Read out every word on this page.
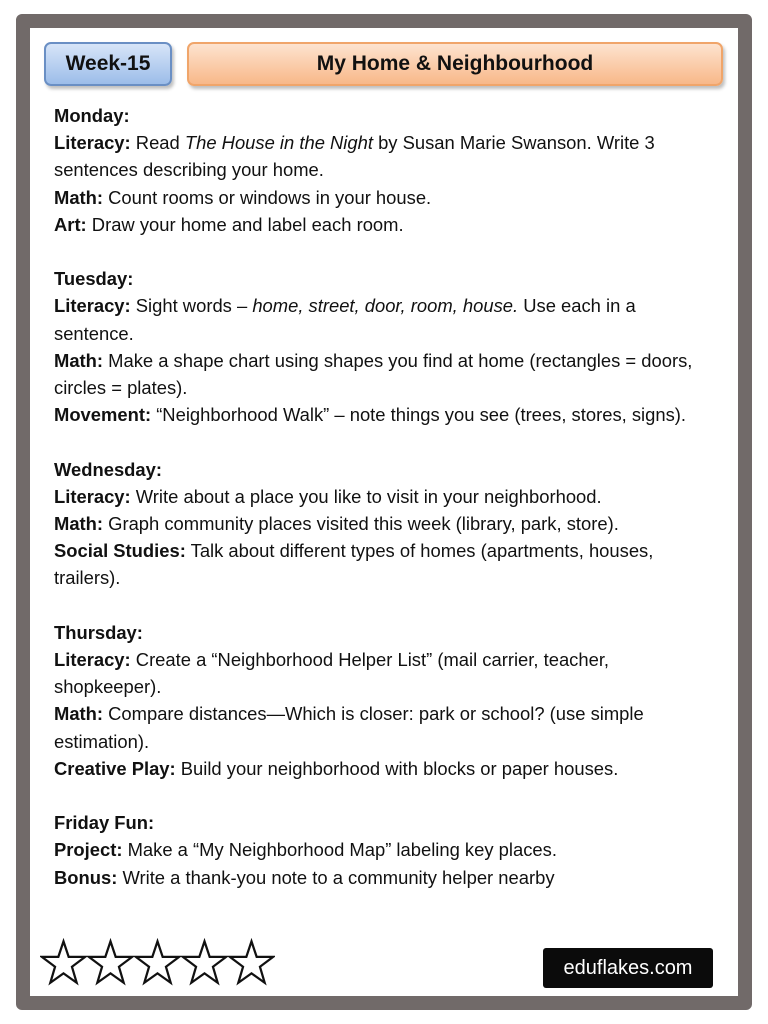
Week-15	My Home & Neighbourhood
Monday:
Literacy: Read The House in the Night by Susan Marie Swanson. Write 3 sentences describing your home.
Math: Count rooms or windows in your house.
Art: Draw your home and label each room.
Tuesday:
Literacy: Sight words – home, street, door, room, house. Use each in a sentence.
Math: Make a shape chart using shapes you find at home (rectangles = doors, circles = plates).
Movement: “Neighborhood Walk” – note things you see (trees, stores, signs).
Wednesday:
Literacy: Write about a place you like to visit in your neighborhood.
Math: Graph community places visited this week (library, park, store).
Social Studies: Talk about different types of homes (apartments, houses, trailers).
Thursday:
Literacy: Create a “Neighborhood Helper List” (mail carrier, teacher, shopkeeper).
Math: Compare distances—Which is closer: park or school? (use simple estimation).
Creative Play: Build your neighborhood with blocks or paper houses.
Friday Fun:
Project: Make a “My Neighborhood Map” labeling key places.
Bonus: Write a thank-you note to a community helper nearby
eduflakes.com
